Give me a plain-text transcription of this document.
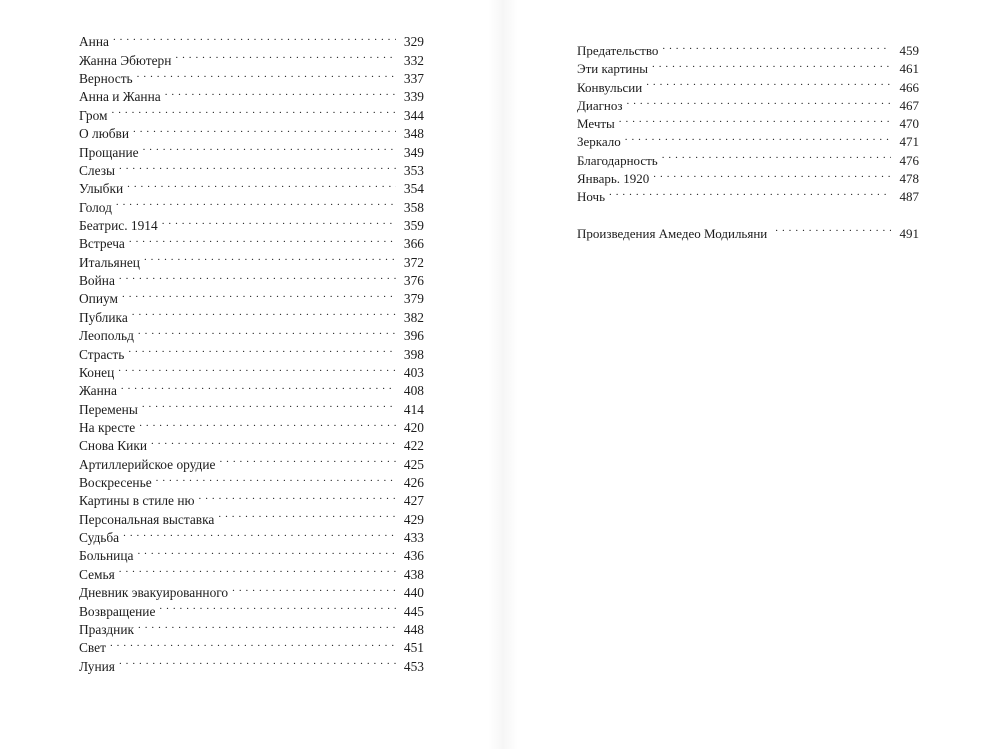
Анна . . .	329
Жанна Эбютерн . . .	332
Верность . . .	337
Анна и Жанна . . .	339
Гром . . .	344
О любви . . .	348
Прощание . . .	349
Слезы . . .	353
Улыбки . . .	354
Голод . . .	358
Беатрис. 1914 . . .	359
Встреча . . .	366
Итальянец . . .	372
Война . . .	376
Опиум . . .	379
Публика . . .	382
Леопольд . . .	396
Страсть . . .	398
Конец . . .	403
Жанна . . .	408
Перемены . . .	414
На кресте . . .	420
Снова Кики . . .	422
Артиллерийское орудие . . .	425
Воскресенье . . .	426
Картины в стиле ню . . .	427
Персональная выставка . . .	429
Судьба . . .	433
Больница . . .	436
Семья . . .	438
Дневник эвакуированного . . .	440
Возвращение . . .	445
Праздник . . .	448
Свет . . .	451
Луния . . .	453
Предательство . . .	459
Эти картины . . .	461
Конвульсии . . .	466
Диагноз . . .	467
Мечты . . .	470
Зеркало . . .	471
Благодарность . . .	476
Январь. 1920 . . .	478
Ночь . . .	487
Произведения Амедео Модильяни . . .	491
